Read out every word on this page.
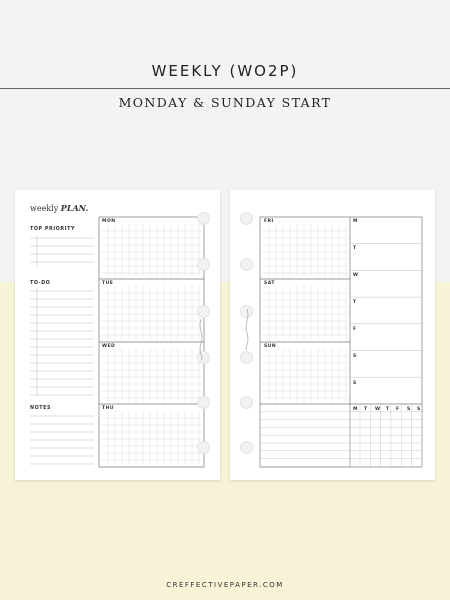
WEEKLY (WO2P)
MONDAY & SUNDAY START
weekly PLAN.
TOP PRIORITY
TO-DO
NOTES
MON
TUE
WED
THU
FRI
SAT
SUN
M
T
W
T
F
S
S
M T W T F S S
CREFFECTIVEPAPER.COM
